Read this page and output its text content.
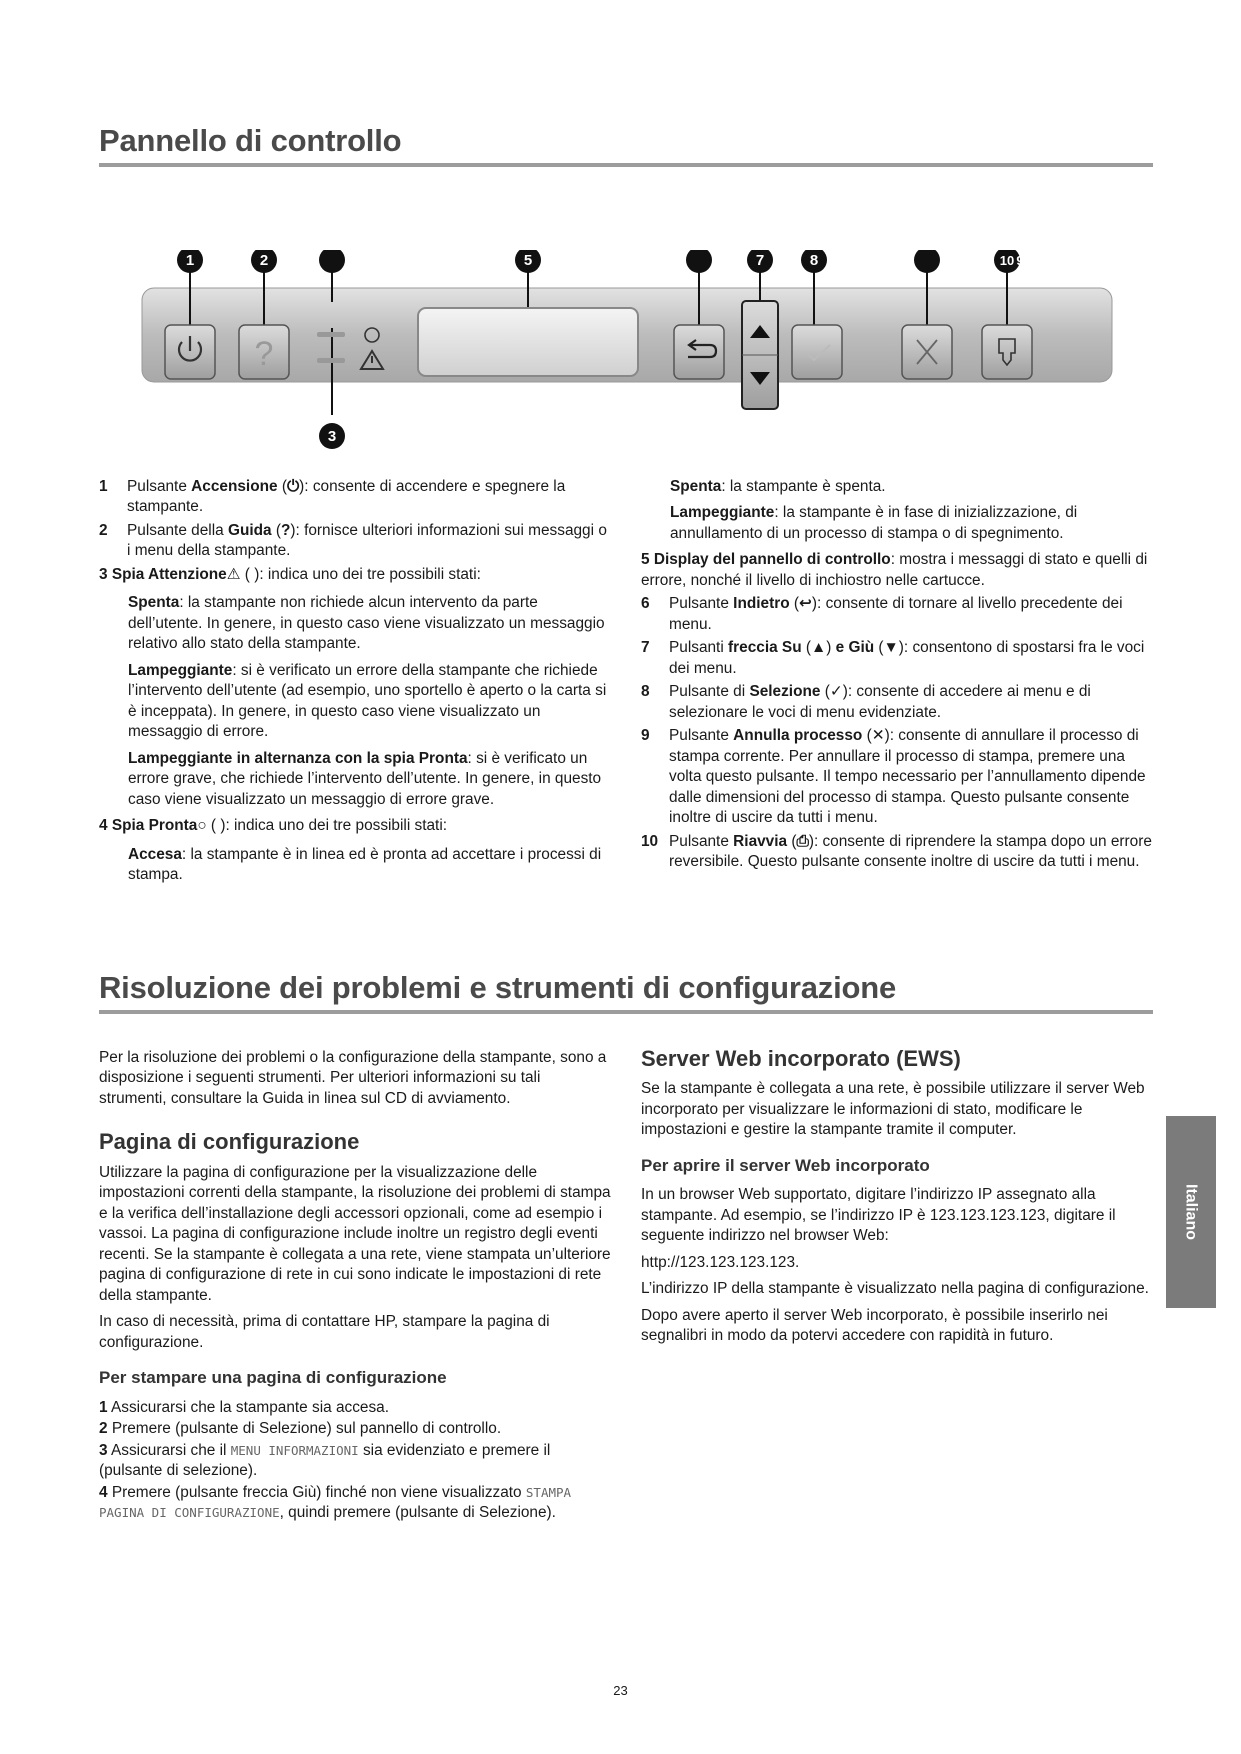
Pannello di controllo
?
1	2	5	7	8	10 9
3
1	Pulsante Accensione (⏻): consente di accendere e spegnere la stampante.
2	Pulsante della Guida (?): fornisce ulteriori informazioni sui messaggi o i menu della stampante.

3 Spia Attenzione⚠ ( ): indica uno dei tre possibili stati:

Spenta: la stampante non richiede alcun intervento da parte dell’utente. In genere, in questo caso viene visualizzato un messaggio relativo allo stato della stampante.

Lampeggiante: si è verificato un errore della stampante che richiede l’intervento dell’utente (ad esempio, uno sportello è aperto o la carta si è inceppata). In genere, in questo caso viene visualizzato un messaggio di errore.

Lampeggiante in alternanza con la spia Pronta: si è verificato un errore grave, che richiede l’intervento dell’utente. In genere, in questo caso viene visualizzato un messaggio di errore grave.

4 Spia Pronta○ ( ): indica uno dei tre possibili stati:

Accesa: la stampante è in linea ed è pronta ad accettare i processi di stampa.

Spenta: la stampante è spenta.

Lampeggiante: la stampante è in fase di inizializzazione, di annullamento di un processo di stampa o di spegnimento.

5 Display del pannello di controllo: mostra i messaggi di stato e quelli di errore, nonché il livello di inchiostro nelle cartucce.

6	Pulsante Indietro (↩): consente di tornare al livello precedente dei menu.
7	Pulsanti freccia Su (▲) e Giù (▼): consentono di spostarsi fra le voci dei menu.
8	Pulsante di Selezione (✓): consente di accedere ai menu e di selezionare le voci di menu evidenziate.
9	Pulsante Annulla processo (✕): consente di annullare il processo di stampa corrente. Per annullare il processo di stampa, premere una volta questo pulsante. Il tempo necessario per l’annullamento dipende dalle dimensioni del processo di stampa. Questo pulsante consente inoltre di uscire da tutti i menu.
10 Pulsante Riavvia (⎙): consente di riprendere la stampa dopo un errore reversibile. Questo pulsante consente inoltre di uscire da tutti i menu.
Risoluzione dei problemi e strumenti di configurazione

Per la risoluzione dei problemi o la configurazione della stampante, sono a disposizione i seguenti strumenti. Per ulteriori informazioni su tali strumenti, consultare la Guida in linea sul CD di avviamento.

Pagina di configurazione

Utilizzare la pagina di configurazione per la visualizzazione delle impostazioni correnti della stampante, la risoluzione dei problemi di stampa e la verifica dell’installazione degli accessori opzionali, come ad esempio i vassoi. La pagina di configurazione include inoltre un registro degli eventi recenti. Se la stampante è collegata a una rete, viene stampata un’ulteriore pagina di configurazione di rete in cui sono indicate le impostazioni di rete della stampante.

In caso di necessità, prima di contattare HP, stampare la pagina di configurazione.

Per stampare una pagina di configurazione

1 Assicurarsi che la stampante sia accesa.

2 Premere (pulsante di Selezione) sul pannello di controllo.

3 Assicurarsi che il MENU INFORMAZIONI sia evidenziato e premere il (pulsante di selezione).

4 Premere (pulsante freccia Giù) finché non viene visualizzato STAMPA PAGINA DI CONFIGURAZIONE, quindi premere (pulsante di Selezione).

Server Web incorporato (EWS)

Se la stampante è collegata a una rete, è possibile utilizzare il server Web incorporato per visualizzare le informazioni di stato, modificare le impostazioni e gestire la stampante tramite il computer.

Per aprire il server Web incorporato

In un browser Web supportato, digitare l’indirizzo IP assegnato alla stampante. Ad esempio, se l’indirizzo IP è 123.123.123.123, digitare il seguente indirizzo nel browser Web:

http://123.123.123.123.

L’indirizzo IP della stampante è visualizzato nella pagina di configurazione.

Dopo avere aperto il server Web incorporato, è possibile inserirlo nei segnalibri in modo da potervi accedere con rapidità in futuro.

Italiano
23
